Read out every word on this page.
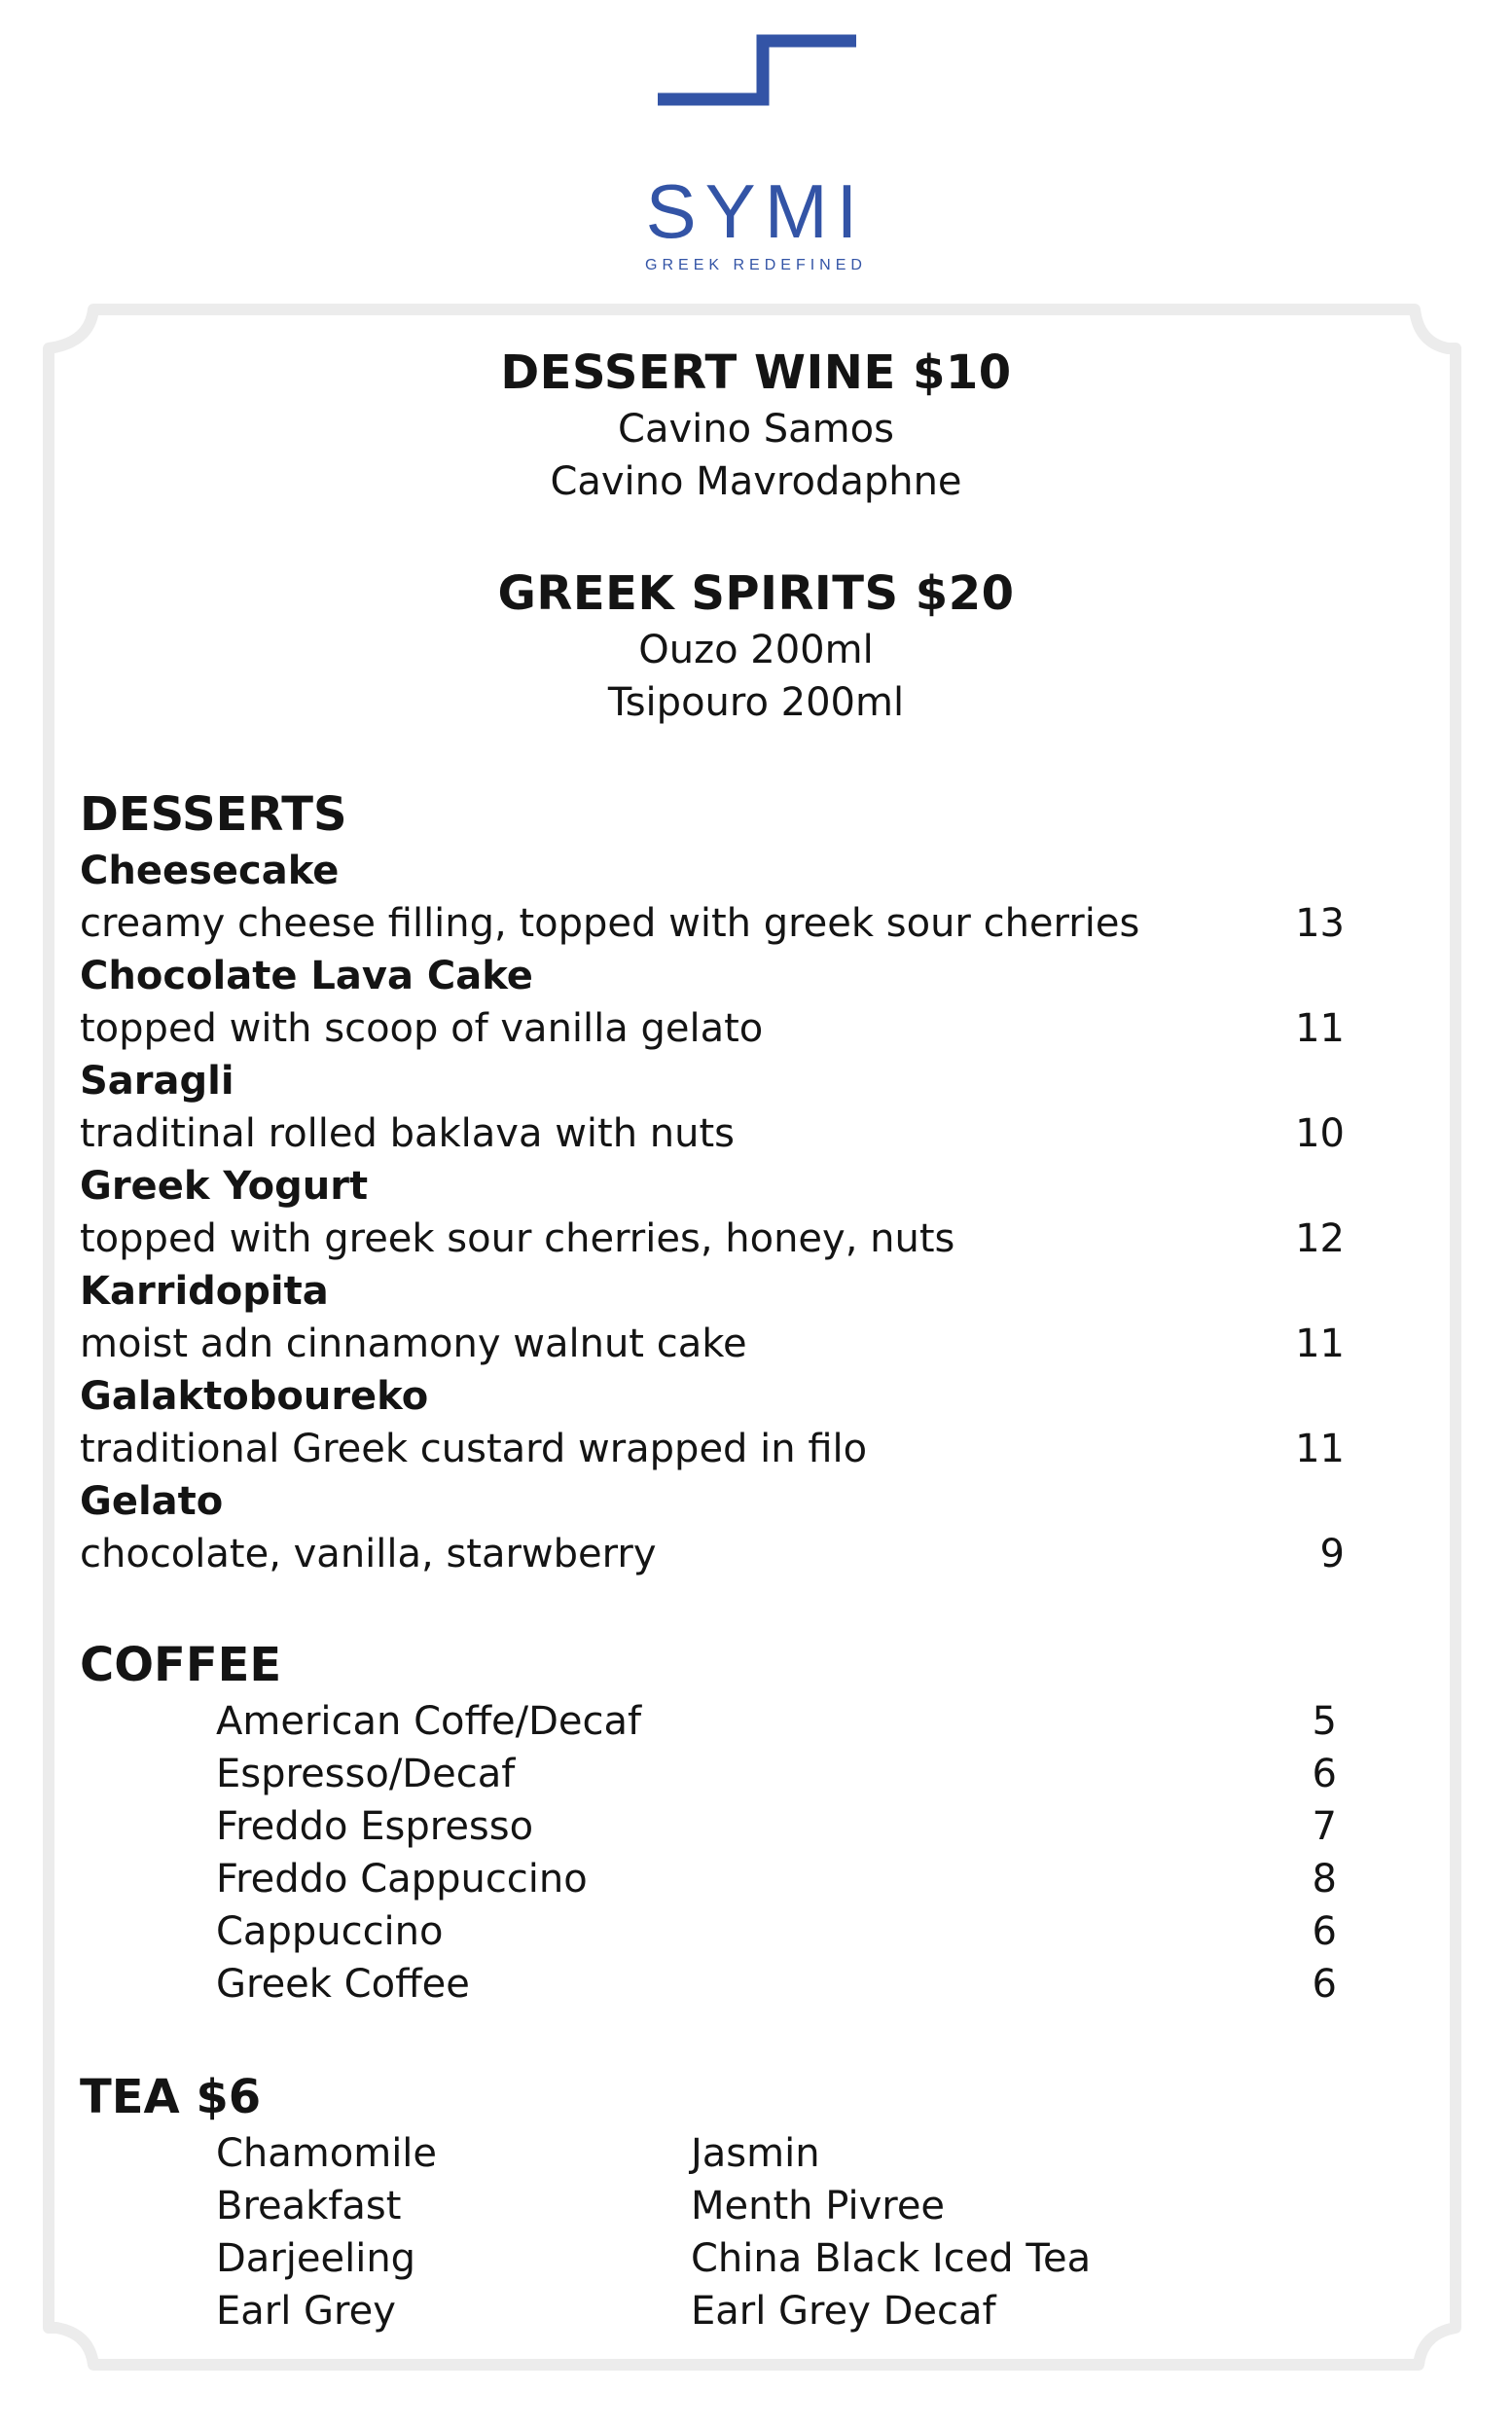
SYMI
GREEK REDEFINED
DESSERT WINE $10
Cavino Samos
Cavino Mavrodaphne
GREEK SPIRITS $20
Ouzo 200ml
Tsipouro 200ml
DESSERTS
Cheesecake
creamy cheese filling, topped with greek sour cherries	13
Chocolate Lava Cake
topped with scoop of vanilla gelato	11
Saragli
traditinal rolled baklava with nuts	10
Greek Yogurt
topped with greek sour cherries, honey, nuts	12
Karridopita
moist adn cinnamony walnut cake	11
Galaktoboureko
traditional Greek custard wrapped in filo	11
Gelato
chocolate, vanilla, starwberry	9
COFFEE
American Coffe/Decaf	5
Espresso/Decaf	6
Freddo Espresso	7
Freddo Cappuccino	8
Cappuccino	6
Greek Coffee	6
TEA $6
Chamomile	Jasmin
Breakfast	Menth Pivree
Darjeeling	China Black Iced Tea
Earl Grey	Earl Grey Decaf
